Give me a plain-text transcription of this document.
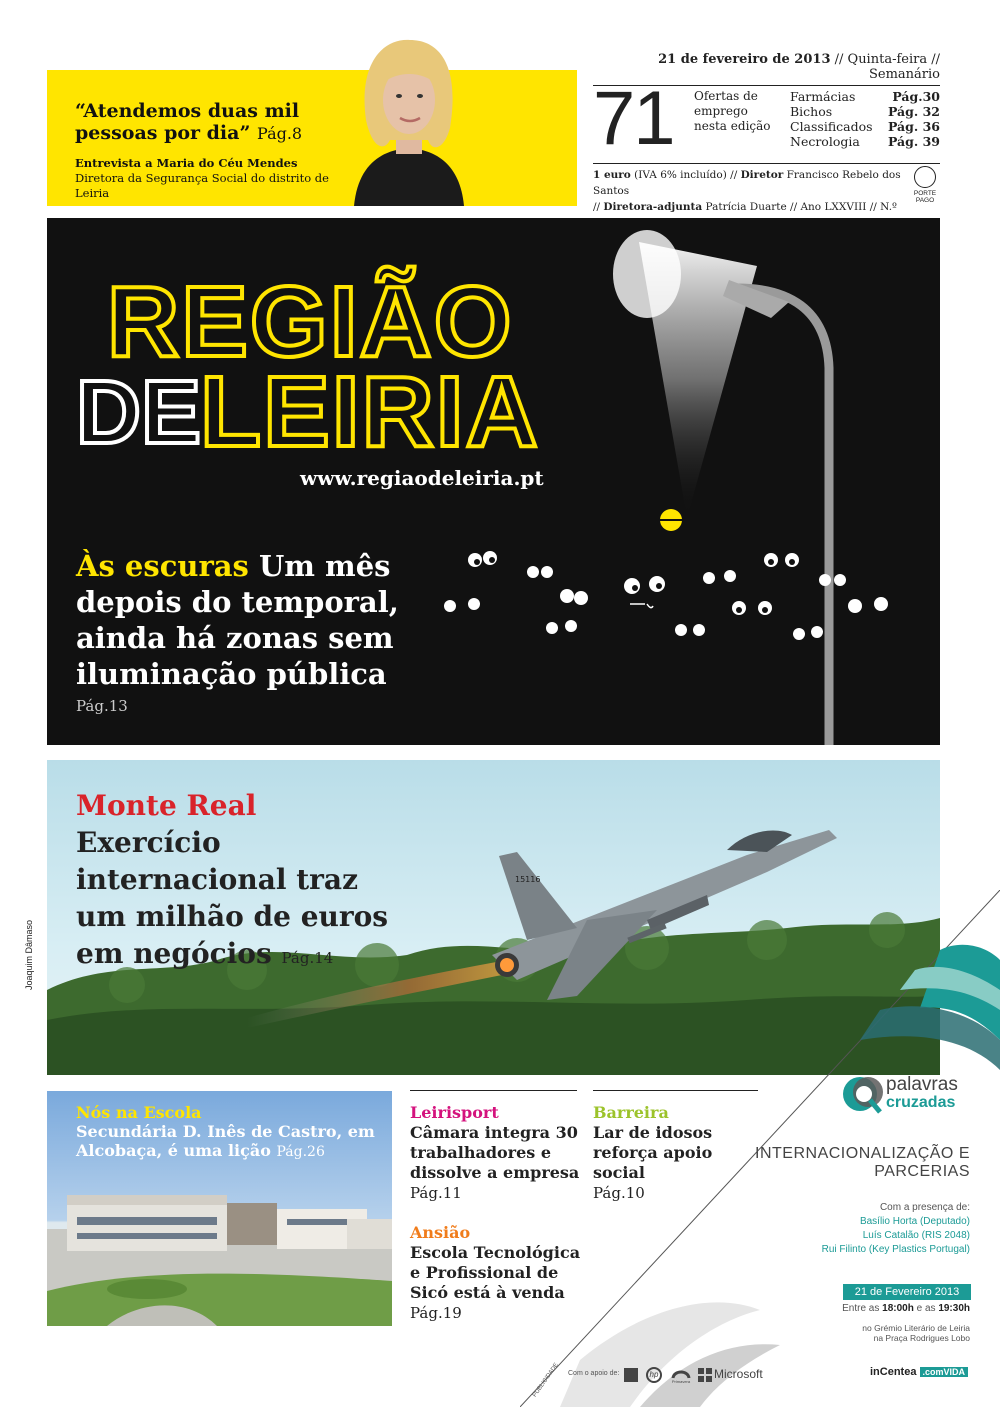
“Atendemos duas mil pessoas por dia” Pág.8
Entrevista a Maria do Céu Mendes Diretora da Segurança Social do distrito de Leiria
21 de fevereiro de 2013 // Quinta-feira // Semanário
71 Ofertas de emprego nesta edição
Farmácias	Pág.30
Bichos	Pág. 32
Classificados Pág. 36
Necrologia Pág. 39
1 euro (IVA 6% incluído) // Diretor Francisco Rebelo dos Santos
// Diretora-adjunta Patrícia Duarte // Ano LXXVIII // N.º
PORTE PAGO
REGIÃO
DE
LEIRIA
www.regiaodeleiria.pt
Às escuras Um mês depois do temporal, ainda há zonas sem iluminação pública
Pág.13
15116
Monte Real
Exercício internacional traz um milhão de euros em negócios Pág.14
Joaquim Dâmaso
Nós na Escola
Secundária D. Inês de Castro, em Alcobaça, é uma lição Pág.26
Leirisport
Câmara integra 30 trabalhadores e dissolve a empresa Pág.11
Barreira
Lar de idosos reforça apoio social
Pág.10
Ansião
Escola Tecnológica e Profissional de Sicó está à venda
Pág.19
palavras
cruzadas
INTERNACIONALIZAÇÃO E PARCERIAS
Com a presença de:
Basílio Horta (Deputado)
Luís Catalão (RIS 2048)
Rui Filinto (Key Plastics Portugal)
21 de Fevereiro 2013
Entre as 18:00h e as 19:30h
no Grémio Literário de Leiria
na Praça Rodrigues Lobo
Com o apoio de:	hp
Primavera
Microsoft	inCentea .comVIDA
PUBLICIDADE
